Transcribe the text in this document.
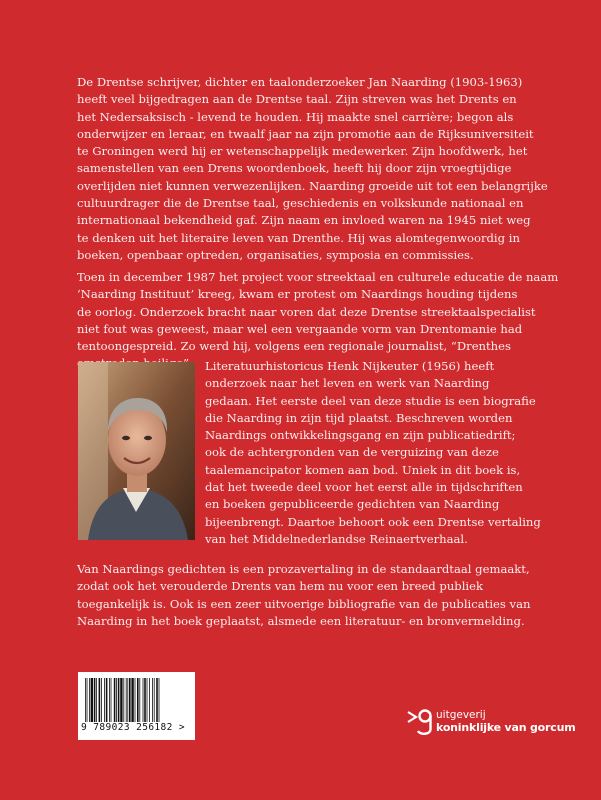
De Drentse schrijver, dichter en taalonderzoeker Jan Naarding (1903-1963)
heeft veel bijgedragen aan de Drentse taal. Zijn streven was het Drents en
het Nedersaksisch - levend te houden. Hij maakte snel carrière; begon als
onderwijzer en leraar, en twaalf jaar na zijn promotie aan de Rijksuniversiteit
te Groningen werd hij er wetenschappelijk medewerker. Zijn hoofdwerk, het
samenstellen van een Drens woordenboek, heeft hij door zijn vroegtijdige
overlijden niet kunnen verwezenlijken. Naarding groeide uit tot een belangrijke
cultuurdrager die de Drentse taal, geschiedenis en volkskunde nationaal en
internationaal bekendheid gaf. Zijn naam en invloed waren na 1945 niet weg
te denken uit het literaire leven van Drenthe. Hij was alomtegenwoordig in
boeken, openbaar optreden, organisaties, symposia en commissies.

Toen in december 1987 het project voor streektaal en culturele educatie de naam
‘Naarding Instituut’ kreeg, kwam er protest om Naardings houding tijdens
de oorlog. Onderzoek bracht naar voren dat deze Drentse streektaalspecialist
niet fout was geweest, maar wel een vergaande vorm van Drentomanie had
tentoongespreid. Zo werd hij, volgens een regionale journalist, “Drenthes

Literatuurhistoricus Henk Nijkeuter (1956) heeft
onderzoek naar het leven en werk van Naarding
gedaan. Het eerste deel van deze studie is een biografie
die Naarding in zijn tijd plaatst. Beschreven worden
Naardings ontwikkelingsgang en zijn publicatiedrift;
ook de achtergronden van de verguizing van deze
taalemancipator komen aan bod. Uniek in dit boek is,
dat het tweede deel voor het eerst alle in tijdschriften
en boeken gepubliceerde gedichten van Naarding
bijeenbrengt. Daartoe behoort ook een Drentse vertaling
van het Middelnederlandse Reinaertverhaal.

Van Naardings gedichten is een prozavertaling in de standaardtaal gemaakt,
zodat ook het verouderde Drents van hem nu voor een breed publiek
toegankelijk is. Ook is een zeer uitvoerige bibliografie van de publicaties van
Naarding in het boek geplaatst, alsmede een literatuur- en bronvermelding.

9 789023 256182 >
uitgeverij
koninklijke van gorcum
